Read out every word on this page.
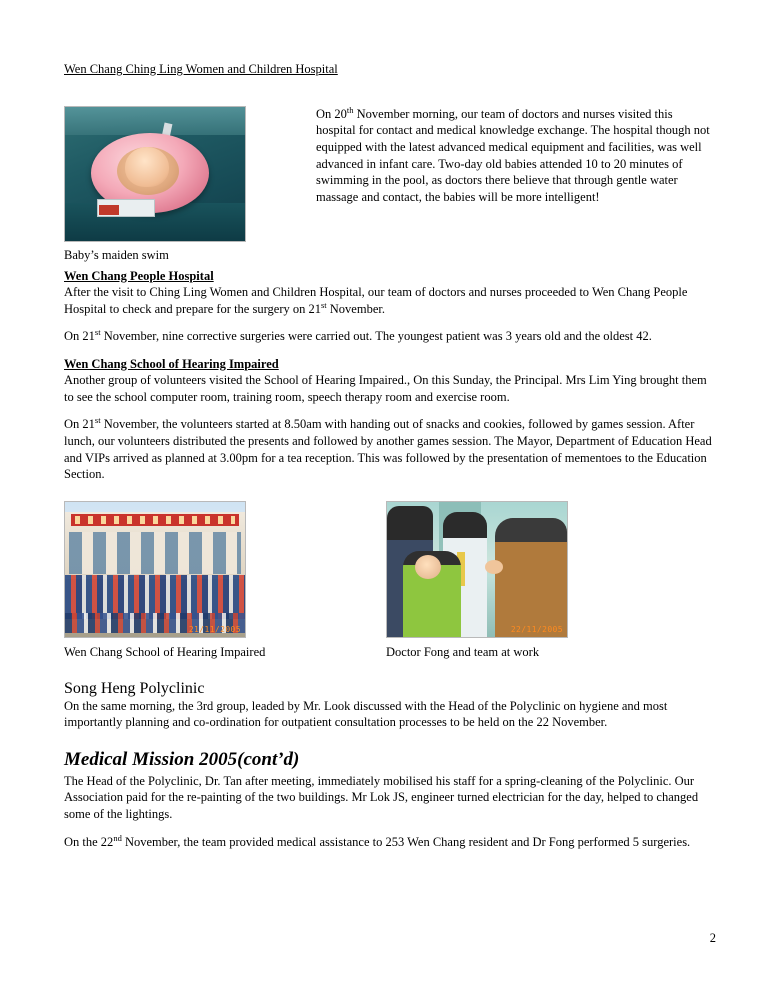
Wen Chang Ching Ling Women and Children Hospital

On 20th November morning, our team of doctors and nurses visited this hospital for contact and medical knowledge exchange. The hospital though not equipped with the latest advanced medical equipment and facilities, was well advanced in infant care. Two-day old babies attended 10 to 20 minutes of swimming in the pool, as doctors there believe that through gentle water massage and contact, the babies will be more intelligent!

Baby’s maiden swim
Wen Chang People Hospital

After the visit to Ching Ling Women and Children Hospital, our team of doctors and nurses proceeded to Wen Chang People Hospital to check and prepare for the surgery on 21st November.

On 21st November, nine corrective surgeries were carried out. The youngest patient was 3 years old and the oldest 42.

Wen Chang School of Hearing Impaired

Another group of volunteers visited the School of Hearing Impaired., On this Sunday, the Principal. Mrs Lim Ying brought them to see the school computer room, training room, speech therapy room and exercise room.

On 21st November, the volunteers started at 8.50am with handing out of snacks and cookies, followed by games session. After lunch, our volunteers distributed the presents and followed by another games session. The Mayor, Department of Education Head and VIPs arrived as planned at 3.00pm for a tea reception. This was followed by the presentation of mementoes to the Education Section.

21/11/2005	22/11/2005
Wen Chang School of Hearing Impaired	Doctor Fong and team at work
Song Heng Polyclinic

On the same morning, the 3rd group, leaded by Mr. Look discussed with the Head of the Polyclinic on hygiene and most importantly planning and co-ordination for outpatient consultation processes to be held on the 22 November.

Medical Mission 2005(cont’d)

The Head of the Polyclinic, Dr. Tan after meeting, immediately mobilised his staff for a spring-cleaning of the Polyclinic. Our Association paid for the re-painting of the two buildings. Mr Lok JS, engineer turned electrician for the day, helped to changed some of the lightings.

On the 22nd November, the team provided medical assistance to 253 Wen Chang resident and Dr Fong performed 5 surgeries.

2
